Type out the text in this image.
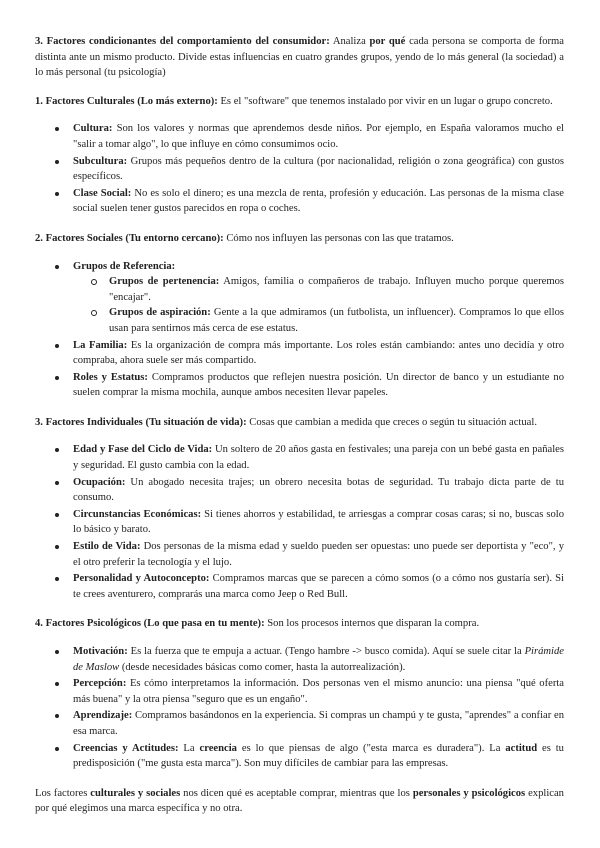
3. Factores condicionantes del comportamiento del consumidor: Analiza por qué cada persona se comporta de forma distinta ante un mismo producto. Divide estas influencias en cuatro grandes grupos, yendo de lo más general (la sociedad) a lo más personal (tu psicología)

1. Factores Culturales (Lo más externo): Es el "software" que tenemos instalado por vivir en un lugar o grupo concreto.

Cultura: Son los valores y normas que aprendemos desde niños. Por ejemplo, en España valoramos mucho el "salir a tomar algo", lo que influye en cómo consumimos ocio.
Subcultura: Grupos más pequeños dentro de la cultura (por nacionalidad, religión o zona geográfica) con gustos específicos.
Clase Social: No es solo el dinero; es una mezcla de renta, profesión y educación. Las personas de la misma clase social suelen tener gustos parecidos en ropa o coches.

2. Factores Sociales (Tu entorno cercano): Cómo nos influyen las personas con las que tratamos.

Grupos de Referencia:
Grupos de pertenencia: Amigos, familia o compañeros de trabajo. Influyen mucho porque queremos "encajar".
Grupos de aspiración: Gente a la que admiramos (un futbolista, un influencer). Compramos lo que ellos usan para sentirnos más cerca de ese estatus.
La Familia: Es la organización de compra más importante. Los roles están cambiando: antes uno decidía y otro compraba, ahora suele ser más compartido.
Roles y Estatus: Compramos productos que reflejen nuestra posición. Un director de banco y un estudiante no suelen comprar la misma mochila, aunque ambos necesiten llevar papeles.

3. Factores Individuales (Tu situación de vida): Cosas que cambian a medida que creces o según tu situación actual.

Edad y Fase del Ciclo de Vida: Un soltero de 20 años gasta en festivales; una pareja con un bebé gasta en pañales y seguridad. El gusto cambia con la edad.
Ocupación: Un abogado necesita trajes; un obrero necesita botas de seguridad. Tu trabajo dicta parte de tu consumo.
Circunstancias Económicas: Si tienes ahorros y estabilidad, te arriesgas a comprar cosas caras; si no, buscas solo lo básico y barato.
Estilo de Vida: Dos personas de la misma edad y sueldo pueden ser opuestas: uno puede ser deportista y "eco", y el otro preferir la tecnología y el lujo.
Personalidad y Autoconcepto: Compramos marcas que se parecen a cómo somos (o a cómo nos gustaría ser). Si te crees aventurero, comprarás una marca como Jeep o Red Bull.

4. Factores Psicológicos (Lo que pasa en tu mente): Son los procesos internos que disparan la compra.

Motivación: Es la fuerza que te empuja a actuar. (Tengo hambre -> busco comida). Aquí se suele citar la Pirámide de Maslow (desde necesidades básicas como comer, hasta la autorrealización).
Percepción: Es cómo interpretamos la información. Dos personas ven el mismo anuncio: una piensa "qué oferta más buena" y la otra piensa "seguro que es un engaño".
Aprendizaje: Compramos basándonos en la experiencia. Si compras un champú y te gusta, "aprendes" a confiar en esa marca.
Creencias y Actitudes: La creencia es lo que piensas de algo ("esta marca es duradera"). La actitud es tu predisposición ("me gusta esta marca"). Son muy difíciles de cambiar para las empresas.

Los factores culturales y sociales nos dicen qué es aceptable comprar, mientras que los personales y psicológicos explican por qué elegimos una marca específica y no otra.
